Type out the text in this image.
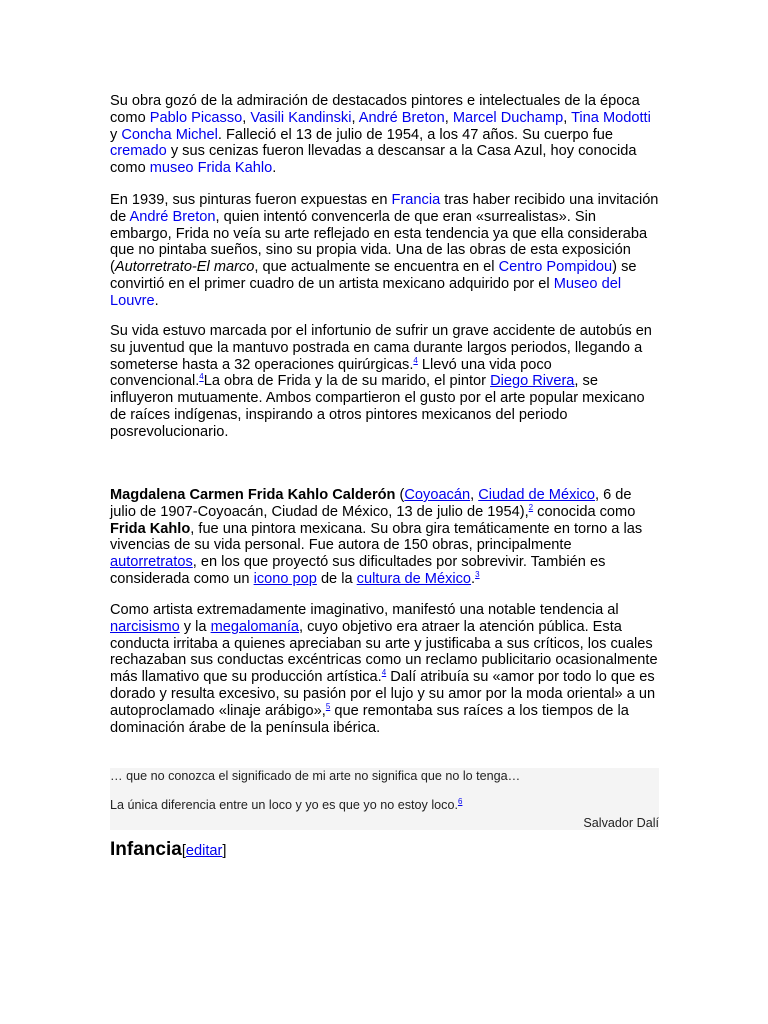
Su obra gozó de la admiración de destacados pintores e intelectuales de la época como Pablo Picasso, Vasili Kandinski, André Breton, Marcel Duchamp, Tina Modotti y Concha Michel. Falleció el 13 de julio de 1954, a los 47 años. Su cuerpo fue cremado y sus cenizas fueron llevadas a descansar a la Casa Azul, hoy conocida como museo Frida Kahlo.

En 1939, sus pinturas fueron expuestas en Francia tras haber recibido una invitación de André Breton, quien intentó convencerla de que eran «surrealistas». Sin embargo, Frida no veía su arte reflejado en esta tendencia ya que ella consideraba que no pintaba sueños, sino su propia vida. Una de las obras de esta exposición (Autorretrato-El marco, que actualmente se encuentra en el Centro Pompidou) se convirtió en el primer cuadro de un artista mexicano adquirido por el Museo del Louvre.

Su vida estuvo marcada por el infortunio de sufrir un grave accidente de autobús en su juventud que la mantuvo postrada en cama durante largos periodos, llegando a someterse hasta a 32 operaciones quirúrgicas.$^4$ Llevó una vida poco convencional.$^4$La obra de Frida y la de su marido, el pintor Diego Rivera, se influyeron mutuamente. Ambos compartieron el gusto por el arte popular mexicano de raíces indígenas, inspirando a otros pintores mexicanos del periodo posrevolucionario.

Magdalena Carmen Frida Kahlo Calderón (Coyoacán, Ciudad de México, 6 de julio de 1907-Coyoacán, Ciudad de México, 13 de julio de 1954),$^2$ conocida como Frida Kahlo, fue una pintora mexicana. Su obra gira temáticamente en torno a las vivencias de su vida personal. Fue autora de 150 obras, principalmente autorretratos, en los que proyectó sus dificultades por sobrevivir. También es considerada como un icono pop de la cultura de México.$^3$

Como artista extremadamente imaginativo, manifestó una notable tendencia al narcisismo y la megalomanía, cuyo objetivo era atraer la atención pública. Esta conducta irritaba a quienes apreciaban su arte y justificaba a sus críticos, los cuales rechazaban sus conductas excéntricas como un reclamo publicitario ocasionalmente más llamativo que su producción artística.$^4$ Dalí atribuía su «amor por todo lo que es dorado y resulta excesivo, su pasión por el lujo y su amor por la moda oriental» a un autoproclamado «linaje arábigo»,$^5$ que remontaba sus raíces a los tiempos de la dominación árabe de la península ibérica.

… que no conozca el significado de mi arte no significa que no lo tenga…
La única diferencia entre un loco y yo es que yo no estoy loco.$^6$
Salvador Dalí
Infancia[editar]
